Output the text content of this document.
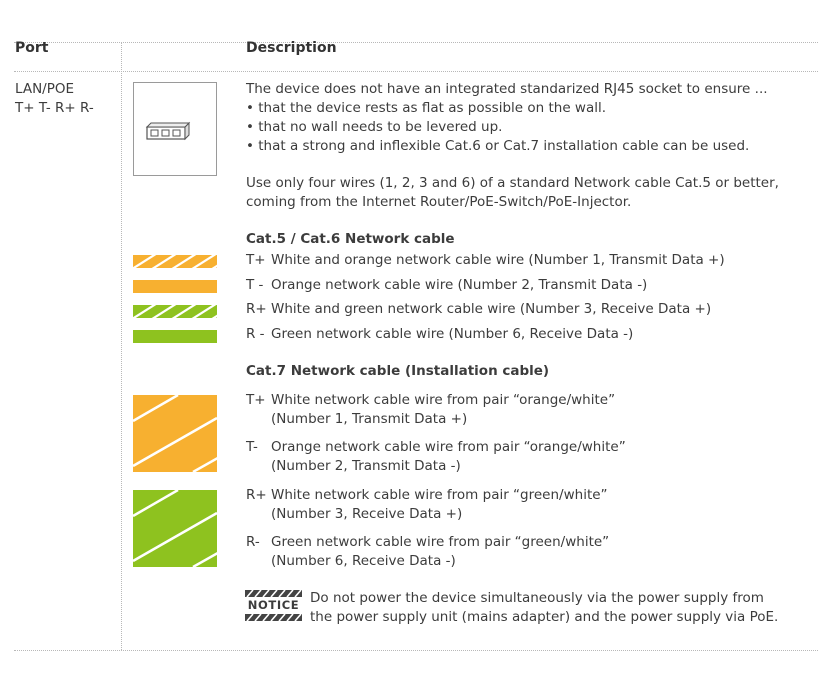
Port	Description
LAN/POE
T+ T- R+ R-
The device does not have an integrated standarized RJ45 socket to ensure ...
• that the device rests as flat as possible on the wall.
• that no wall needs to be levered up.
• that a strong and inflexible Cat.6 or Cat.7 installation cable can be used.
Use only four wires (1, 2, 3 and 6) of a standard Network cable Cat.5 or better,
coming from the Internet Router/PoE-Switch/PoE-Injector.
Cat.5 / Cat.6 Network cable
T+ White and orange network cable wire (Number 1, Transmit Data +)
T - Orange network cable wire (Number 2, Transmit Data -)
R+ White and green network cable wire (Number 3, Receive Data +)
R - Green network cable wire (Number 6, Receive Data -)
Cat.7 Network cable (Installation cable)
T+ White network cable wire from pair “orange/white”
(Number 1, Transmit Data +)
T- Orange network cable wire from pair “orange/white”
(Number 2, Transmit Data -)
R+ White network cable wire from pair “green/white”
(Number 3, Receive Data +)
R- Green network cable wire from pair “green/white”
(Number 6, Receive Data -)
NOTICE Do not power the device simultaneously via the power supply from
the power supply unit (mains adapter) and the power supply via PoE.
